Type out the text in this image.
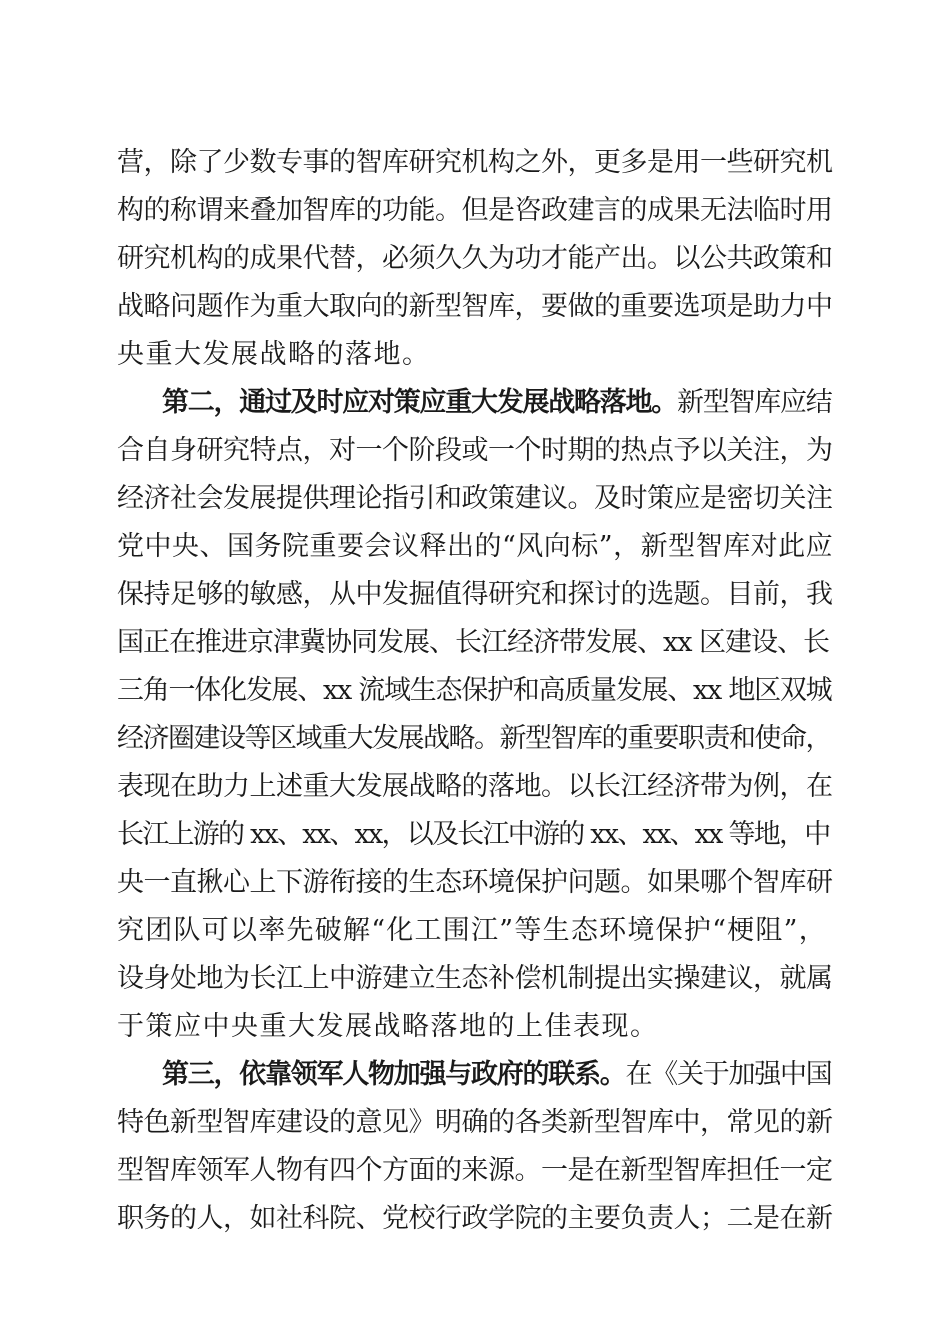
营，除了少数专事的智库研究机构之外，更多是用一些研究机
构的称谓来叠加智库的功能。但是咨政建言的成果无法临时用
研究机构的成果代替，必须久久为功才能产出。以公共政策和
战略问题作为重大取向的新型智库，要做的重要选项是助力中
央重大发展战略的落地。
第二，通过及时应对策应重大发展战略落地。新型智库应结
合自身研究特点，对一个阶段或一个时期的热点予以关注，为
经济社会发展提供理论指引和政策建议。及时策应是密切关注
党中央、国务院重要会议释出的“风向标”，新型智库对此应
保持足够的敏感，从中发掘值得研究和探讨的选题。目前，我
国正在推进京津冀协同发展、长江经济带发展、xx 区建设、长
三角一体化发展、xx 流域生态保护和高质量发展、xx 地区双城
经济圈建设等区域重大发展战略。新型智库的重要职责和使命，
表现在助力上述重大发展战略的落地。以长江经济带为例，在
长江上游的 xx、xx、xx，以及长江中游的 xx、xx、xx 等地，中
央一直揪心上下游衔接的生态环境保护问题。如果哪个智库研
究团队可以率先破解“化工围江”等生态环境保护“梗阻”，
设身处地为长江上中游建立生态补偿机制提出实操建议，就属
于策应中央重大发展战略落地的上佳表现。
第三，依靠领军人物加强与政府的联系。在《关于加强中国
特色新型智库建设的意见》明确的各类新型智库中，常见的新
型智库领军人物有四个方面的来源。一是在新型智库担任一定
职务的人，如社科院、党校行政学院的主要负责人；二是在新
